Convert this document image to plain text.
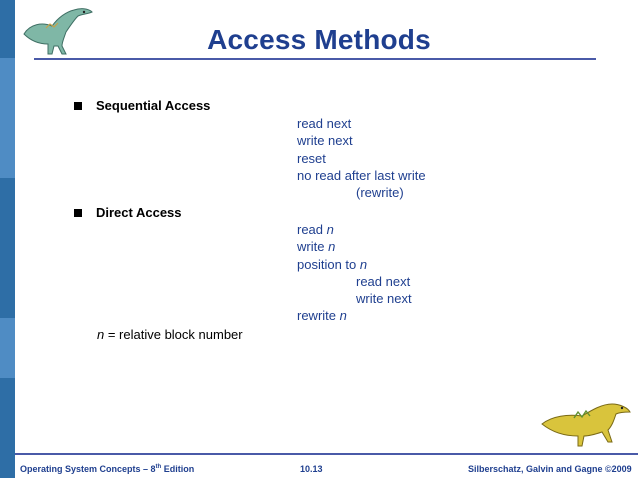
Access Methods
Sequential Access
read next
write next
reset
no read after last write
(rewrite)
Direct Access
read n
write n
position to n
read next
write next
rewrite n
n = relative block number
Operating System Concepts – 8th Edition	10.13	Silberschatz, Galvin and Gagne ©2009
